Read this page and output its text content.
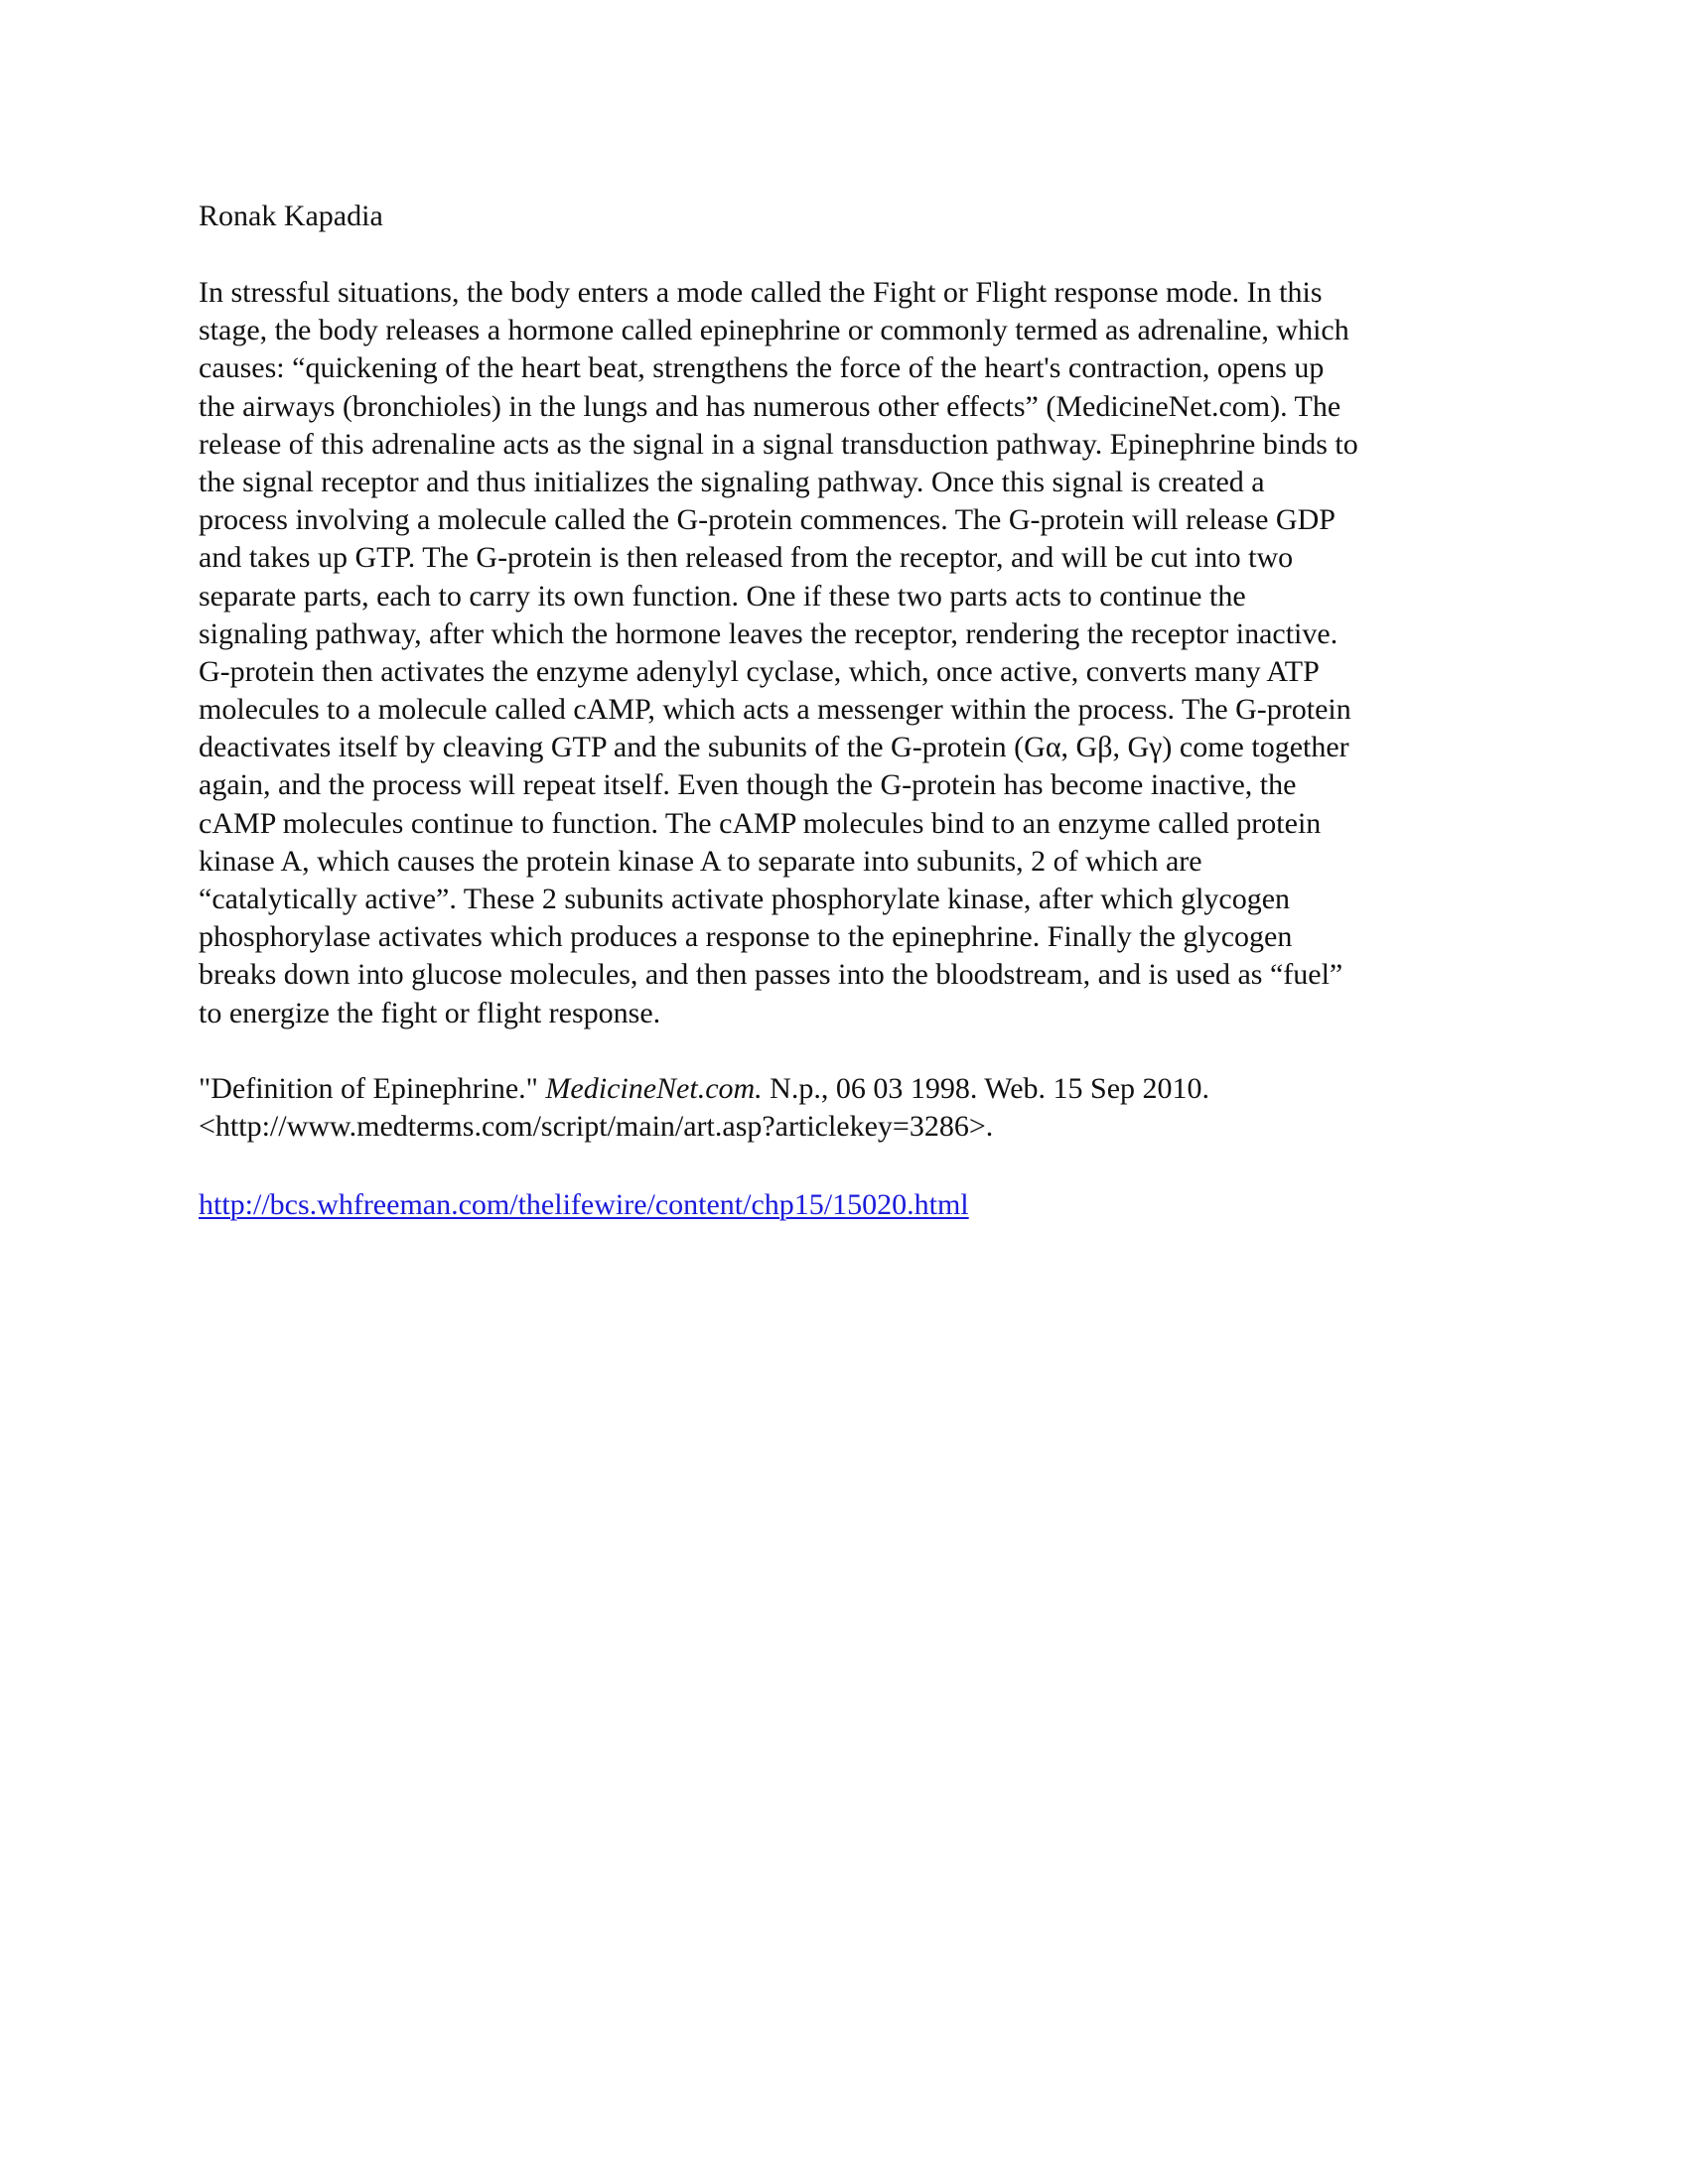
Ronak Kapadia
In stressful situations, the body enters a mode called the Fight or Flight response mode. In this
stage, the body releases a hormone called epinephrine or commonly termed as adrenaline, which
causes: “quickening of the heart beat, strengthens the force of the heart's contraction, opens up
the airways (bronchioles) in the lungs and has numerous other effects” (MedicineNet.com). The
release of this adrenaline acts as the signal in a signal transduction pathway. Epinephrine binds to
the signal receptor and thus initializes the signaling pathway. Once this signal is created a
process involving a molecule called the G-protein commences. The G-protein will release GDP
and takes up GTP. The G-protein is then released from the receptor, and will be cut into two
separate parts, each to carry its own function. One if these two parts acts to continue the
signaling pathway, after which the hormone leaves the receptor, rendering the receptor inactive.
G-protein then activates the enzyme adenylyl cyclase, which, once active, converts many ATP
molecules to a molecule called cAMP, which acts a messenger within the process. The G-protein
deactivates itself by cleaving GTP and the subunits of the G-protein (Gα, Gβ, Gγ) come together
again, and the process will repeat itself. Even though the G-protein has become inactive, the
cAMP molecules continue to function. The cAMP molecules bind to an enzyme called protein
kinase A, which causes the protein kinase A to separate into subunits, 2 of which are
“catalytically active”. These 2 subunits activate phosphorylate kinase, after which glycogen
phosphorylase activates which produces a response to the epinephrine. Finally the glycogen
breaks down into glucose molecules, and then passes into the bloodstream, and is used as “fuel”
to energize the fight or flight response.
"Definition of Epinephrine." MedicineNet.com. N.p., 06 03 1998. Web. 15 Sep 2010.
<http://www.medterms.com/script/main/art.asp?articlekey=3286>.
http://bcs.whfreeman.com/thelifewire/content/chp15/15020.html
